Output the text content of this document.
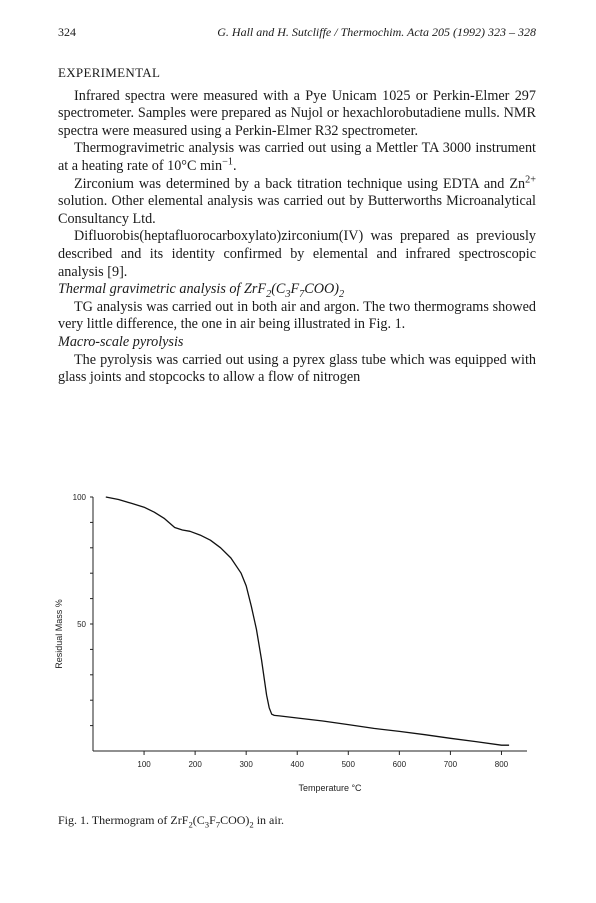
324	G. Hall and H. Sutcliffe / Thermochim. Acta 205 (1992) 323 – 328

EXPERIMENTAL

Infrared spectra were measured with a Pye Unicam 1025 or Perkin-Elmer 297 spectrometer. Samples were prepared as Nujol or hexachlorobutadiene mulls. NMR spectra were measured using a Perkin-Elmer R32 spectrometer.

Thermogravimetric analysis was carried out using a Mettler TA 3000 instrument at a heating rate of 10°C $\min^{-1}$.

Zirconium was determined by a back titration technique using EDTA and $Zn^{2+}$ solution. Other elemental analysis was carried out by Butterworths Microanalytical Consultancy Ltd.

Difluorobis(heptafluorocarboxylato)zirconium(IV) was prepared as previously described and its identity confirmed by elemental and infrared spectroscopic analysis [9].

Thermal gravimetric analysis of $ZrF_2(C_3F_7COO)_2$

TG analysis was carried out in both air and argon. The two thermograms showed very little difference, the one in air being illustrated in Fig. 1.

Macro-scale pyrolysis

The pyrolysis was carried out using a pyrex glass tube which was equipped with glass joints and stopcocks to allow a flow of nitrogen

100	200	300	400	500	600	700	800
50
100
Temperature °C
Residual Mass %
Fig. 1. Thermogram of $ZrF_2(C_3F_7COO)_2$ in air.
